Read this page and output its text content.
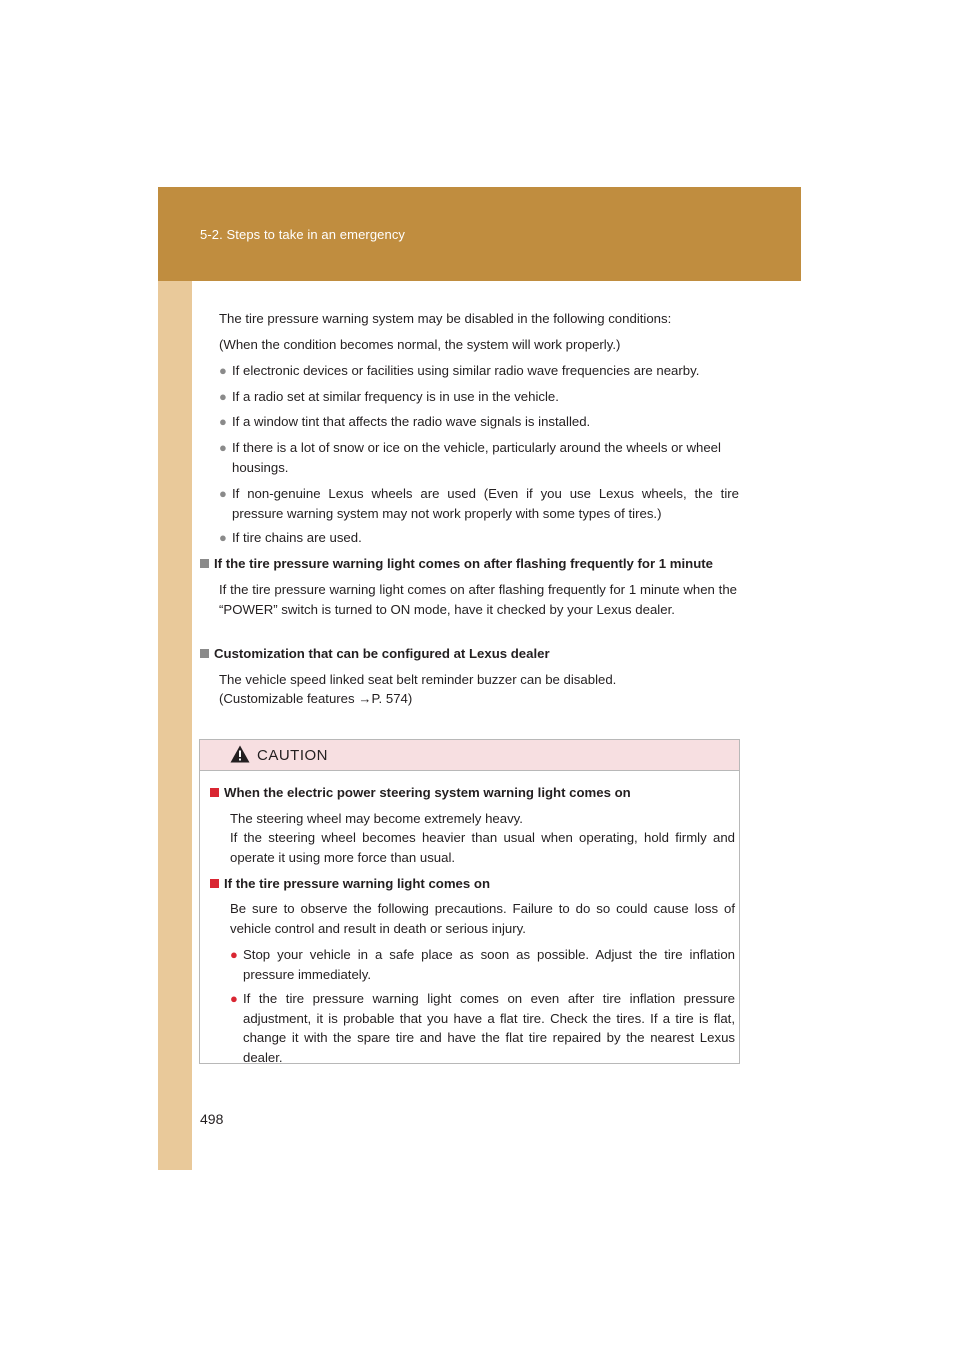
5-2. Steps to take in an emergency
The tire pressure warning system may be disabled in the following conditions:
(When the condition becomes normal, the system will work properly.)
● If electronic devices or facilities using similar radio wave frequencies are nearby.
● If a radio set at similar frequency is in use in the vehicle.
● If a window tint that affects the radio wave signals is installed.
● If there is a lot of snow or ice on the vehicle, particularly around the wheels or wheel housings.
● If non-genuine Lexus wheels are used (Even if you use Lexus wheels, the tire pressure warning system may not work properly with some types of tires.)
● If tire chains are used.
If the tire pressure warning light comes on after flashing frequently for 1 minute
If the tire pressure warning light comes on after flashing frequently for 1 minute when the “POWER” switch is turned to ON mode, have it checked by your Lexus dealer.
Customization that can be configured at Lexus dealer
The vehicle speed linked seat belt reminder buzzer can be disabled.
(Customizable features →P. 574)
CAUTION
When the electric power steering system warning light comes on
The steering wheel may become extremely heavy.
If the steering wheel becomes heavier than usual when operating, hold firmly and operate it using more force than usual.
If the tire pressure warning light comes on
Be sure to observe the following precautions. Failure to do so could cause loss of vehicle control and result in death or serious injury.
● Stop your vehicle in a safe place as soon as possible. Adjust the tire inflation pressure immediately.
● If the tire pressure warning light comes on even after tire inflation pressure adjustment, it is probable that you have a flat tire. Check the tires. If a tire is flat, change it with the spare tire and have the flat tire repaired by the nearest Lexus dealer.
498
